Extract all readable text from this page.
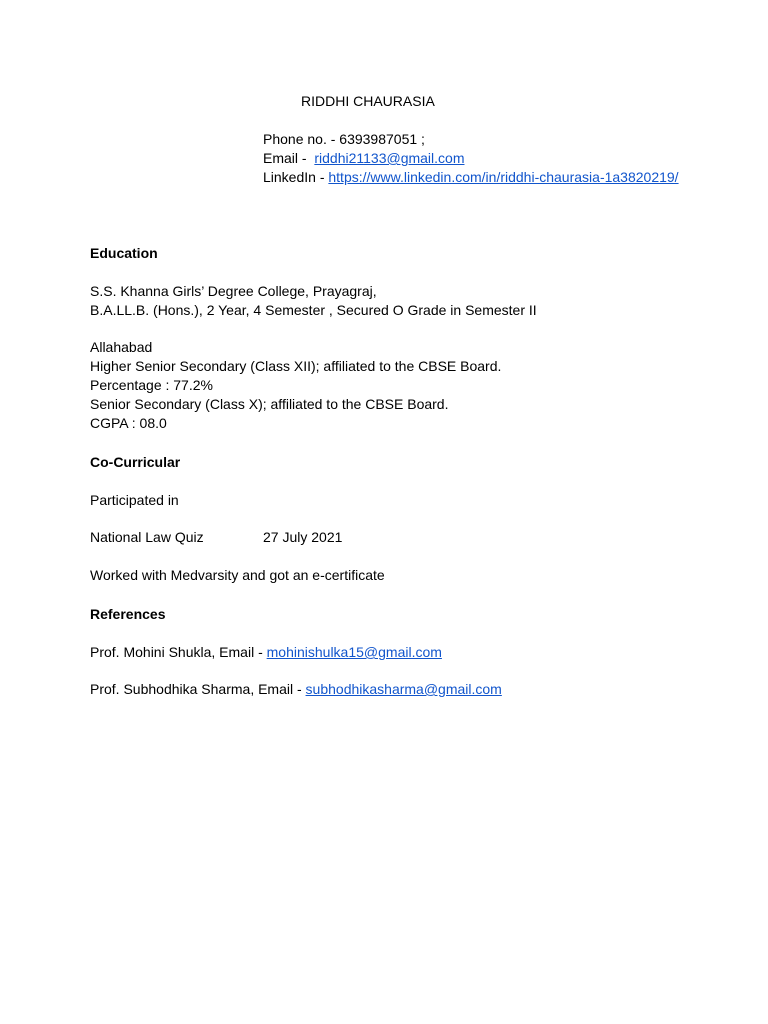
RIDDHI CHAURASIA
Phone no. - 6393987051 ;
Email -  riddhi21133@gmail.com
LinkedIn - https://www.linkedin.com/in/riddhi-chaurasia-1a3820219/
Education
S.S. Khanna Girls’ Degree College, Prayagraj,
B.A.LL.B. (Hons.), 2 Year, 4 Semester , Secured O Grade in Semester II
Allahabad
Higher Senior Secondary (Class XII); affiliated to the CBSE Board.
Percentage : 77.2%
Senior Secondary (Class X); affiliated to the CBSE Board.
CGPA : 08.0
Co-Curricular
Participated in
National Law Quiz	27 July 2021
Worked with Medvarsity and got an e-certificate
References
Prof. Mohini Shukla, Email - mohinishulka15@gmail.com
Prof. Subhodhika Sharma, Email - subhodhikasharma@gmail.com
